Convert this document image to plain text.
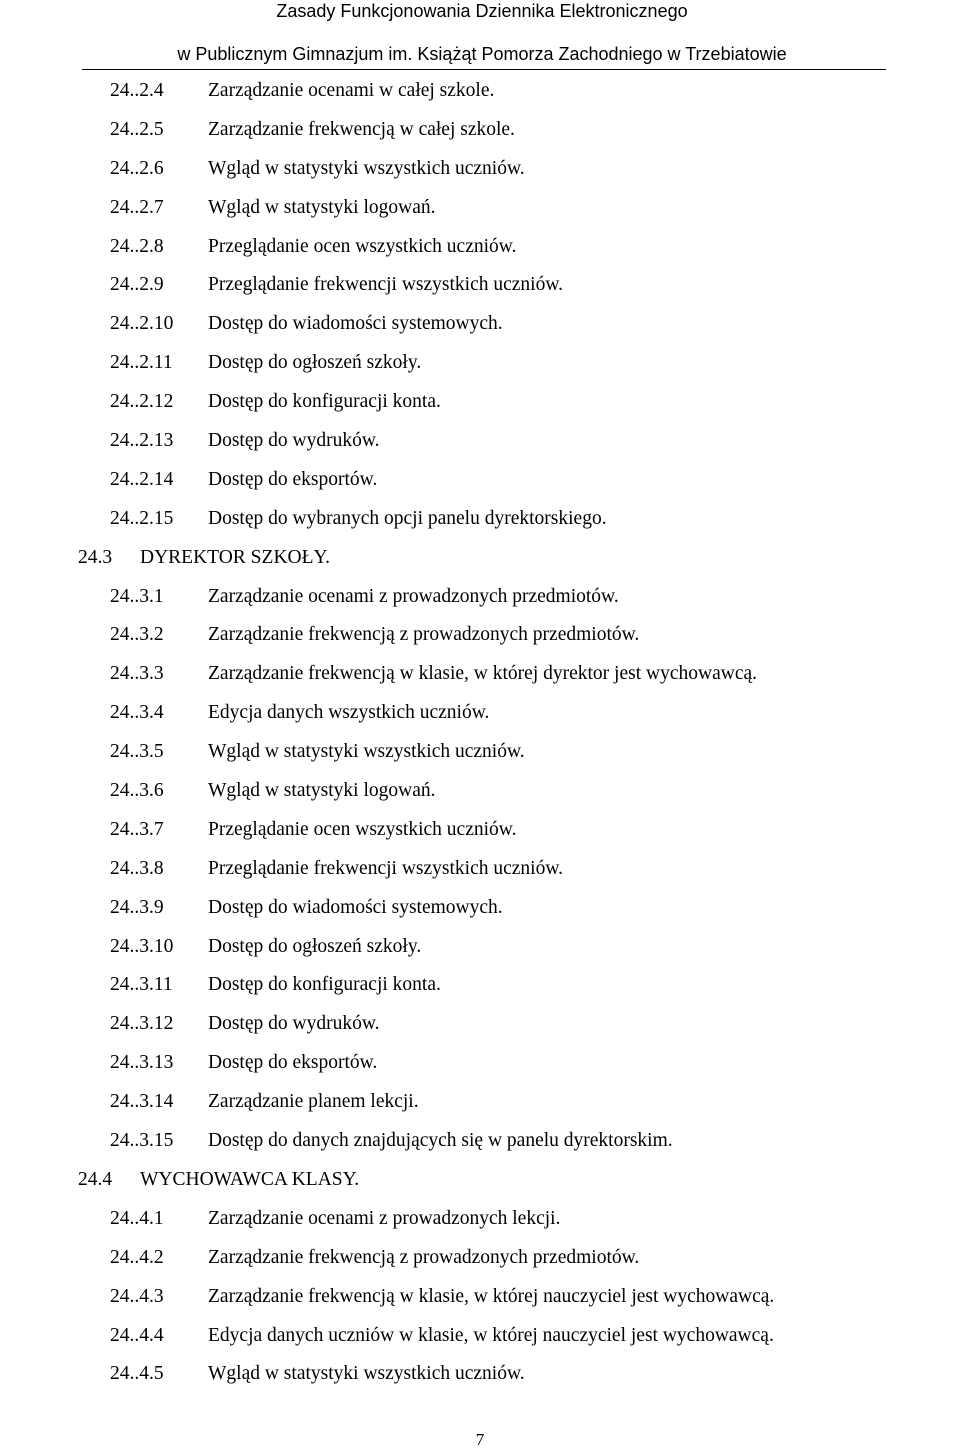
Zasady Funkcjonowania Dziennika Elektronicznego
w Publicznym Gimnazjum im. Książąt Pomorza Zachodniego w Trzebiatowie
24..2.4 Zarządzanie ocenami w całej szkole.
24..2.5 Zarządzanie frekwencją w całej szkole.
24..2.6 Wgląd w statystyki wszystkich uczniów.
24..2.7 Wgląd w statystyki logowań.
24..2.8 Przeglądanie ocen wszystkich uczniów.
24..2.9 Przeglądanie frekwencji wszystkich uczniów.
24..2.10 Dostęp do wiadomości systemowych.
24..2.11 Dostęp do ogłoszeń szkoły.
24..2.12 Dostęp do konfiguracji konta.
24..2.13 Dostęp do wydruków.
24..2.14 Dostęp do eksportów.
24..2.15 Dostęp do wybranych opcji panelu dyrektorskiego.
24.3 DYREKTOR SZKOŁY.
24..3.1 Zarządzanie ocenami z prowadzonych przedmiotów.
24..3.2 Zarządzanie frekwencją z prowadzonych przedmiotów.
24..3.3 Zarządzanie frekwencją w klasie, w której dyrektor jest wychowawcą.
24..3.4 Edycja danych wszystkich uczniów.
24..3.5 Wgląd w statystyki wszystkich uczniów.
24..3.6 Wgląd w statystyki logowań.
24..3.7 Przeglądanie ocen wszystkich uczniów.
24..3.8 Przeglądanie frekwencji wszystkich uczniów.
24..3.9 Dostęp do wiadomości systemowych.
24..3.10 Dostęp do ogłoszeń szkoły.
24..3.11 Dostęp do konfiguracji konta.
24..3.12 Dostęp do wydruków.
24..3.13 Dostęp do eksportów.
24..3.14 Zarządzanie planem lekcji.
24..3.15 Dostęp do danych znajdujących się w panelu dyrektorskim.
24.4 WYCHOWAWCA KLASY.
24..4.1 Zarządzanie ocenami z prowadzonych lekcji.
24..4.2 Zarządzanie frekwencją z prowadzonych przedmiotów.
24..4.3 Zarządzanie frekwencją w klasie, w której nauczyciel jest wychowawcą.
24..4.4 Edycja danych uczniów w klasie, w której nauczyciel jest wychowawcą.
24..4.5 Wgląd w statystyki wszystkich uczniów.
7
